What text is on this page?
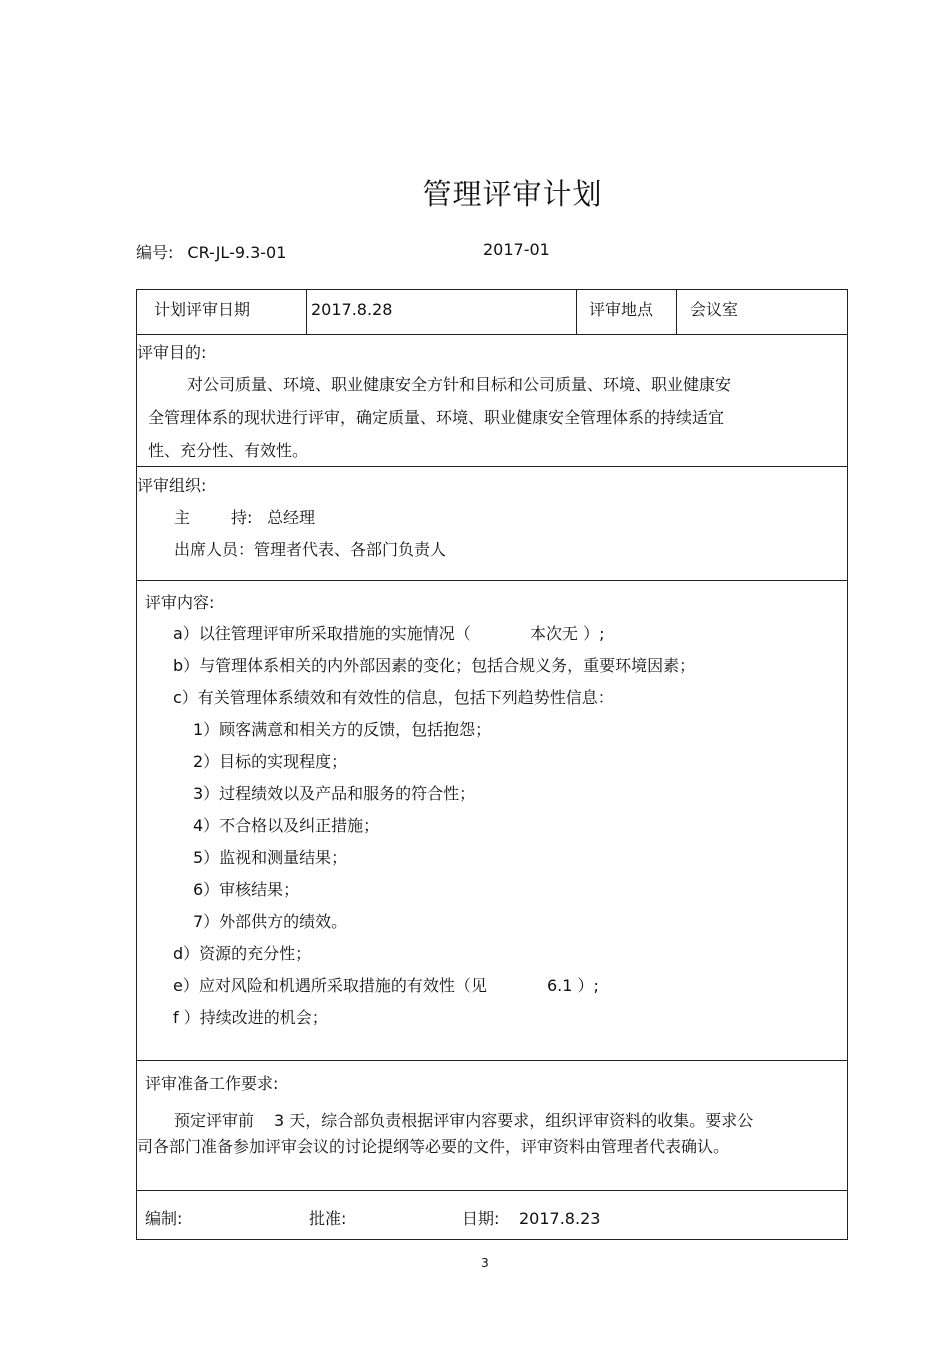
管理评审计划
编号: CR-JL-9.3-01	2017-01
计划评审日期	2017.8.28	评审地点 会议室
评审目的:
对公司质量、环境、职业健康安全方针和目标和公司质量、环境、职业健康安
全管理体系的现状进行评审，确定质量、环境、职业健康安全管理体系的持续适宜
性、充分性、有效性。
评审组织:
主	持: 总经理
出席人员：管理者代表、各部门负责人
评审内容:
a）以往管理评审所采取措施的实施情况（	本次无 ）;
b）与管理体系相关的内外部因素的变化；包括合规义务，重要环境因素；
c）有关管理体系绩效和有效性的信息，包括下列趋势性信息：
1）顾客满意和相关方的反馈，包括抱怨；
2）目标的实现程度；
3）过程绩效以及产品和服务的符合性；
4）不合格以及纠正措施；
5）监视和测量结果；
6）审核结果；
7）外部供方的绩效。
d）资源的充分性；
e）应对风险和机遇所采取措施的有效性（见	6.1 ）;
f ）持续改进的机会；
评审准备工作要求:
预定评审前 3 天，综合部负责根据评审内容要求，组织评审资料的收集。要求公
司各部门准备参加评审会议的讨论提纲等必要的文件，评审资料由管理者代表确认。
编制:	批准:	日期: 2017.8.23
3
